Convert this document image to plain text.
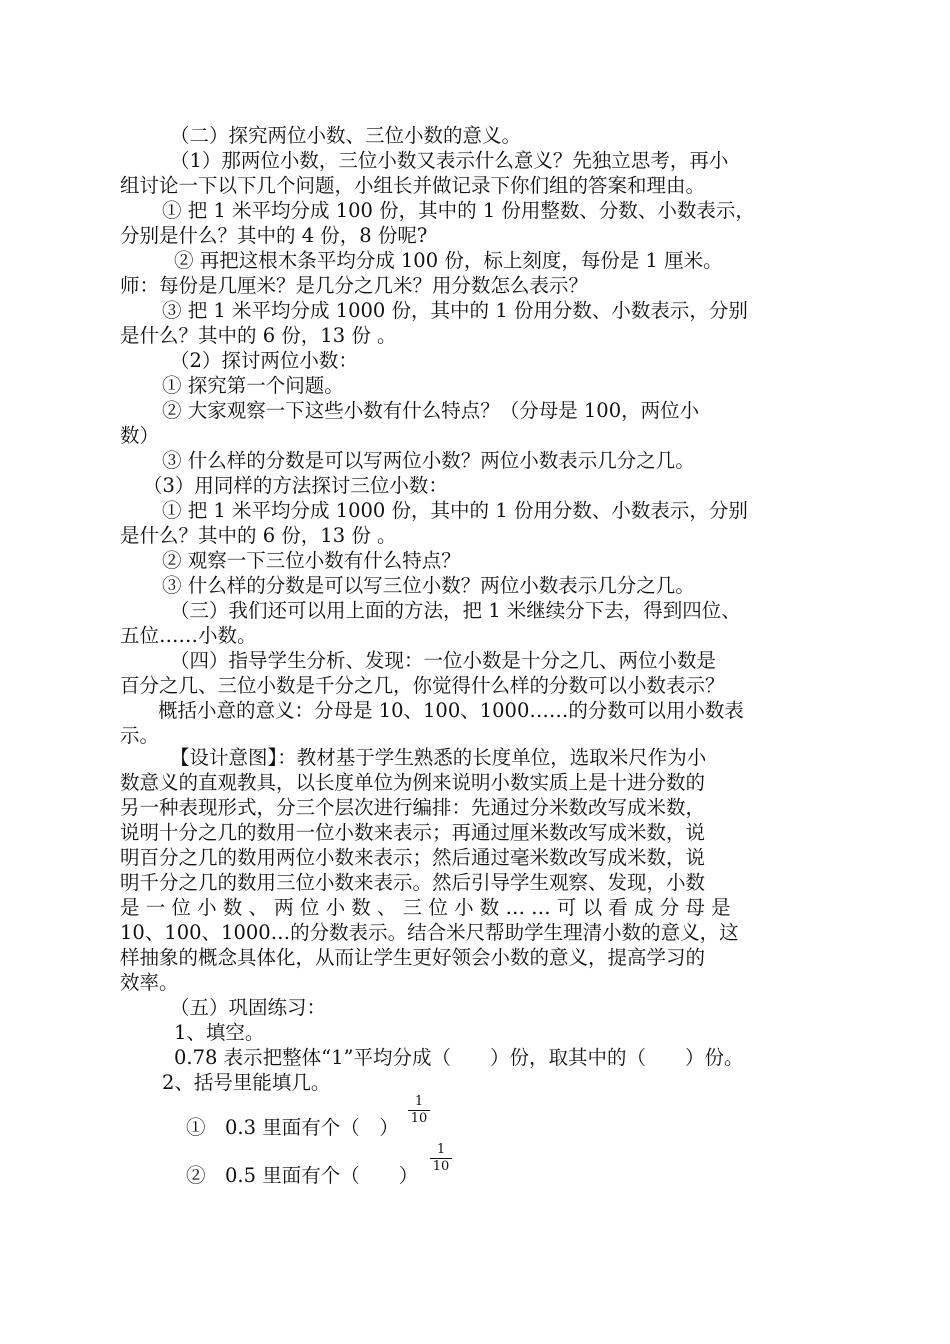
（二）探究两位小数、三位小数的意义。
（1）那两位小数，三位小数又表示什么意义？先独立思考，再小
组讨论一下以下几个问题，小组长并做记录下你们组的答案和理由。
① 把 1 米平均分成 100 份，其中的 1 份用整数、分数、小数表示，
分别是什么？其中的 4 份，8 份呢?
② 再把这根木条平均分成 100 份，标上刻度，每份是 1 厘米。
师：每份是几厘米？是几分之几米？用分数怎么表示？
③ 把 1 米平均分成 1000 份，其中的 1 份用分数、小数表示，分别
是什么？其中的 6 份，13 份 。
（2）探讨两位小数：
① 探究第一个问题。
② 大家观察一下这些小数有什么特点？（分母是 100，两位小
数）
③ 什么样的分数是可以写两位小数？两位小数表示几分之几。
（3）用同样的方法探讨三位小数：
① 把 1 米平均分成 1000 份，其中的 1 份用分数、小数表示，分别
是什么？其中的 6 份，13 份 。
② 观察一下三位小数有什么特点？
③ 什么样的分数是可以写三位小数？两位小数表示几分之几。
（三）我们还可以用上面的方法，把 1 米继续分下去，得到四位、
五位……小数。
（四）指导学生分析、发现：一位小数是十分之几、两位小数是
百分之几、三位小数是千分之几，你觉得什么样的分数可以小数表示？
概括小意的意义：分母是 10、100、1000……的分数可以用小数表
示。
【设计意图】：教材基于学生熟悉的长度单位，选取米尺作为小
数意义的直观教具，以长度单位为例来说明小数实质上是十进分数的
另一种表现形式，分三个层次进行编排：先通过分米数改写成米数，
说明十分之几的数用一位小数来表示；再通过厘米数改写成米数，说
明百分之几的数用两位小数来表示；然后通过毫米数改写成米数，说
明千分之几的数用三位小数来表示。然后引导学生观察、发现，小数
是 一 位 小 数 、 两 位 小 数 、 三 位 小 数 … … 可 以 看 成 分 母 是
10、100、1000…的分数表示。结合米尺帮助学生理清小数的意义，这
样抽象的概念具体化，从而让学生更好领会小数的意义，提高学习的
效率。
（五）巩固练习：
1、填空。
0.78 表示把整体“1”平均分成（　　）份，取其中的（　　）份。
2、括号里能填几。
①　0.3 里面有个（　）
$\frac{1}{10}$
②　0.5 里面有个（　　）
$\frac{1}{10}$
